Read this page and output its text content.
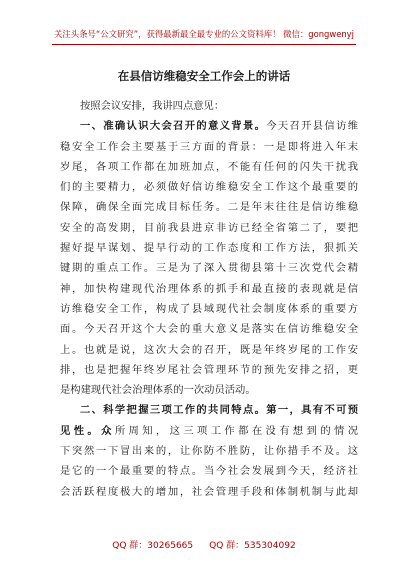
关注头条号“公文研究”，获得最新最全最专业的公文资料库！ 微信：gongwenyj
在县信访维稳安全工作会上的讲话
按照会议安排，我讲四点意见：
一、准确认识大会召开的意义背景。今天召开县信访维
稳安全工作会主要基于三方面的背景：一是即将进入年末
岁尾，各项工作都在加班加点，不能有任何的闪失干扰我
们的主要精力，必须做好信访维稳安全工作这个最重要的
保障，确保全面完成目标任务。二是年末往往是信访维稳
安全的高发期，目前我县进京非访已经全省第二了，要把
握好提早谋划、提早行动的工作态度和工作方法，狠抓关
键期的重点工作。三是为了深入贯彻县第十三次党代会精
神，加快构建现代治理体系的抓手和最直接的表现就是信
访维稳安全工作，构成了县域现代社会制度体系的重要方
面。今天召开这个大会的重大意义是落实在信访维稳安全
上。也就是说，这次大会的召开，既是年终岁尾的工作安
排，也是把握年终岁尾社会管理环节的预先安排之招，更
是构建现代社会治理体系的一次动员活动。
二、科学把握三项工作的共同特点。第一，具有不可预
见性。众所周知，这三项工作都在没有想到的情况
下突然一下冒出来的，让你防不胜防，让你措手不及。这
是它的一个最重要的特点。当今社会发展到今天，经济社
会活跃程度极大的增加，社会管理手段和体制机制与此却
QQ 群：30265665 QQ 群：535304092
